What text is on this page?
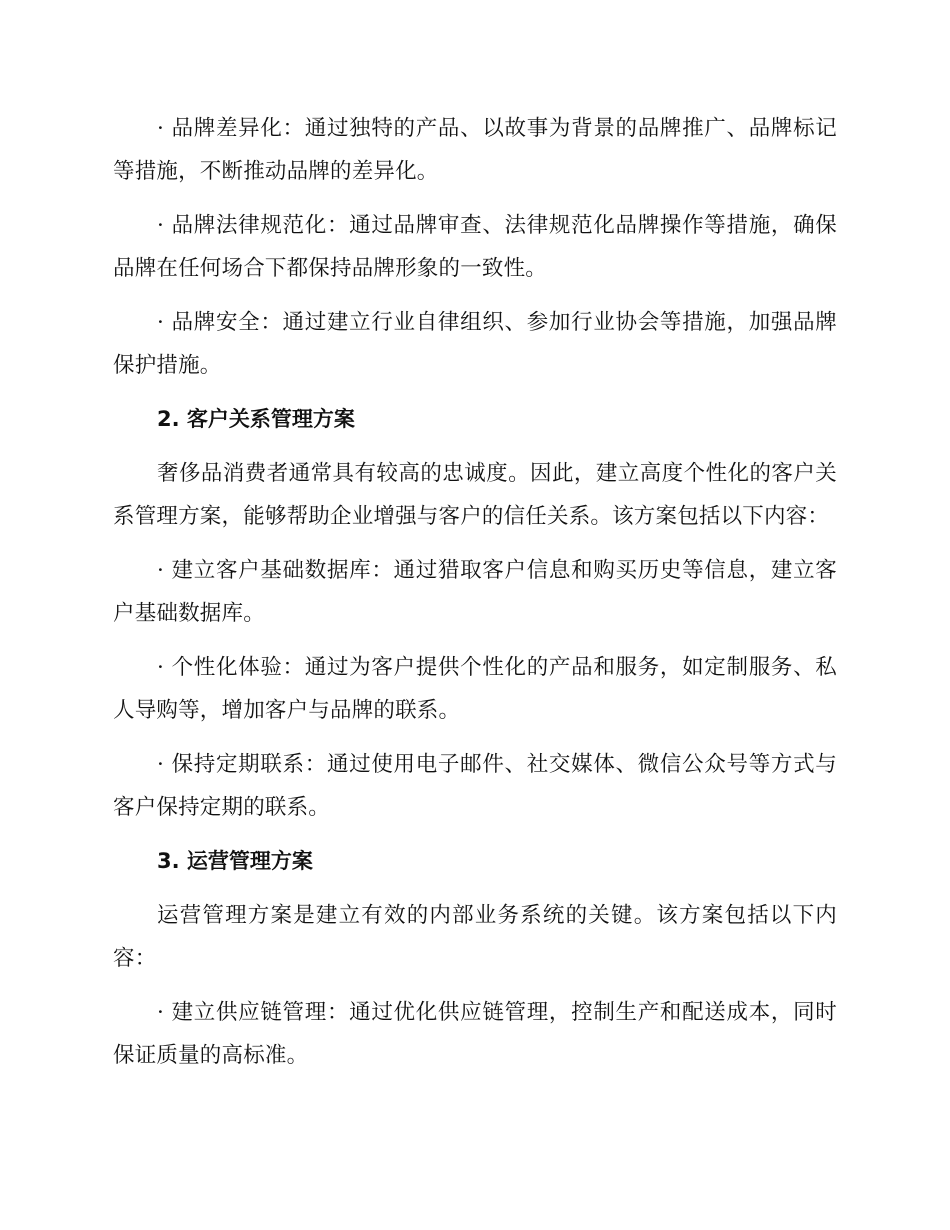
· 品牌差异化：通过独特的产品、以故事为背景的品牌推广、品牌标记等措施，不断推动品牌的差异化。

· 品牌法律规范化：通过品牌审查、法律规范化品牌操作等措施，确保品牌在任何场合下都保持品牌形象的一致性。

· 品牌安全：通过建立行业自律组织、参加行业协会等措施，加强品牌保护措施。

2. 客户关系管理方案

奢侈品消费者通常具有较高的忠诚度。因此，建立高度个性化的客户关系管理方案，能够帮助企业增强与客户的信任关系。该方案包括以下内容：

· 建立客户基础数据库：通过猎取客户信息和购买历史等信息，建立客户基础数据库。

· 个性化体验：通过为客户提供个性化的产品和服务，如定制服务、私人导购等，增加客户与品牌的联系。

· 保持定期联系：通过使用电子邮件、社交媒体、微信公众号等方式与客户保持定期的联系。

3. 运营管理方案

运营管理方案是建立有效的内部业务系统的关键。该方案包括以下内容：

· 建立供应链管理：通过优化供应链管理，控制生产和配送成本，同时保证质量的高标准。
